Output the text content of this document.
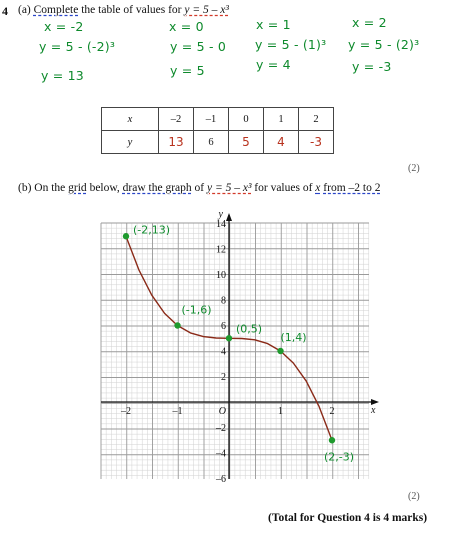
4 (a) Complete the table of values for y = 5 – x³
x = -2
y = 5 - (-2)³
y = 13
x = 0
y = 5 - 0
y = 5
x = 1
y = 5 - (1)³
y = 4
x = 2
y = 5 - (2)³
y = -3
x	–2	–1	0	1	2
y	13	6	5	4	-3
(2)
(b) On the grid below, draw the graph of y = 5 – x³ for values of x from –2 to 2
x
y
O
–2	–1	1	2
14
12
10
8
6
4
2
–2
–4
–6
(-2,13)
(-1,6)
(0,5)
(1,4)
(2,-3)
(2)
(Total for Question 4 is 4 marks)
